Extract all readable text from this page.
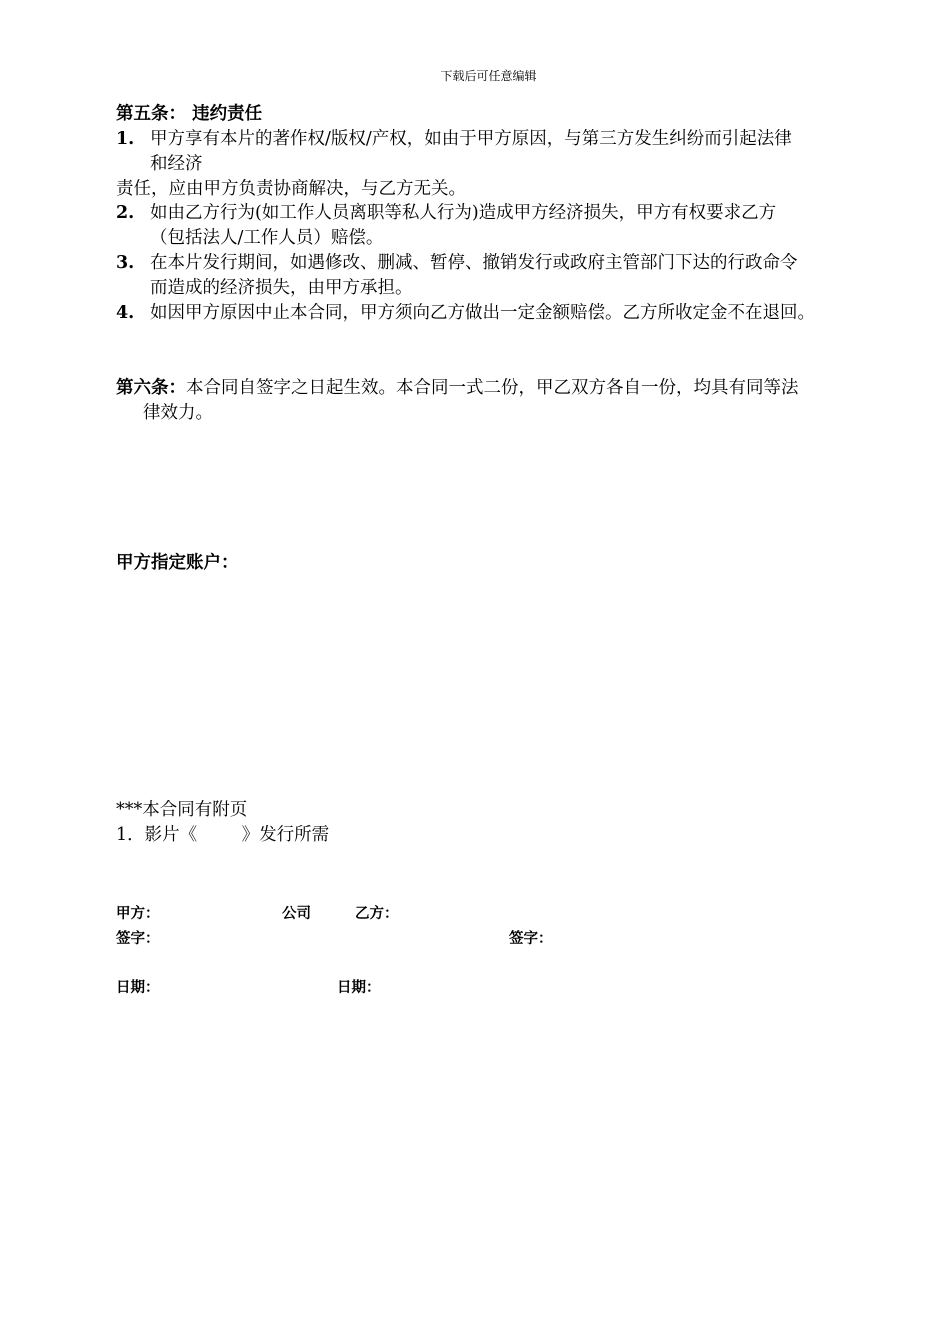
下载后可任意编辑
第五条： 违约责任
1. 甲方享有本片的著作权/版权/产权，如由于甲方原因，与第三方发生纠纷而引起法律
和经济
责任，应由甲方负责协商解决，与乙方无关。
2. 如由乙方行为(如工作人员离职等私人行为)造成甲方经济损失，甲方有权要求乙方
（包括法人/工作人员）赔偿。
3. 在本片发行期间，如遇修改、删减、暂停、撤销发行或政府主管部门下达的行政命令
而造成的经济损失，由甲方承担。
4. 如因甲方原因中止本合同，甲方须向乙方做出一定金额赔偿。乙方所收定金不在退回。
第六条：本合同自签字之日起生效。本合同一式二份，甲乙双方各自一份，均具有同等法
律效力。
甲方指定账户：
***本合同有附页
1．影片《        》发行所需
甲方：	公司	乙方：
签字：	签字：
日期：	日期：
